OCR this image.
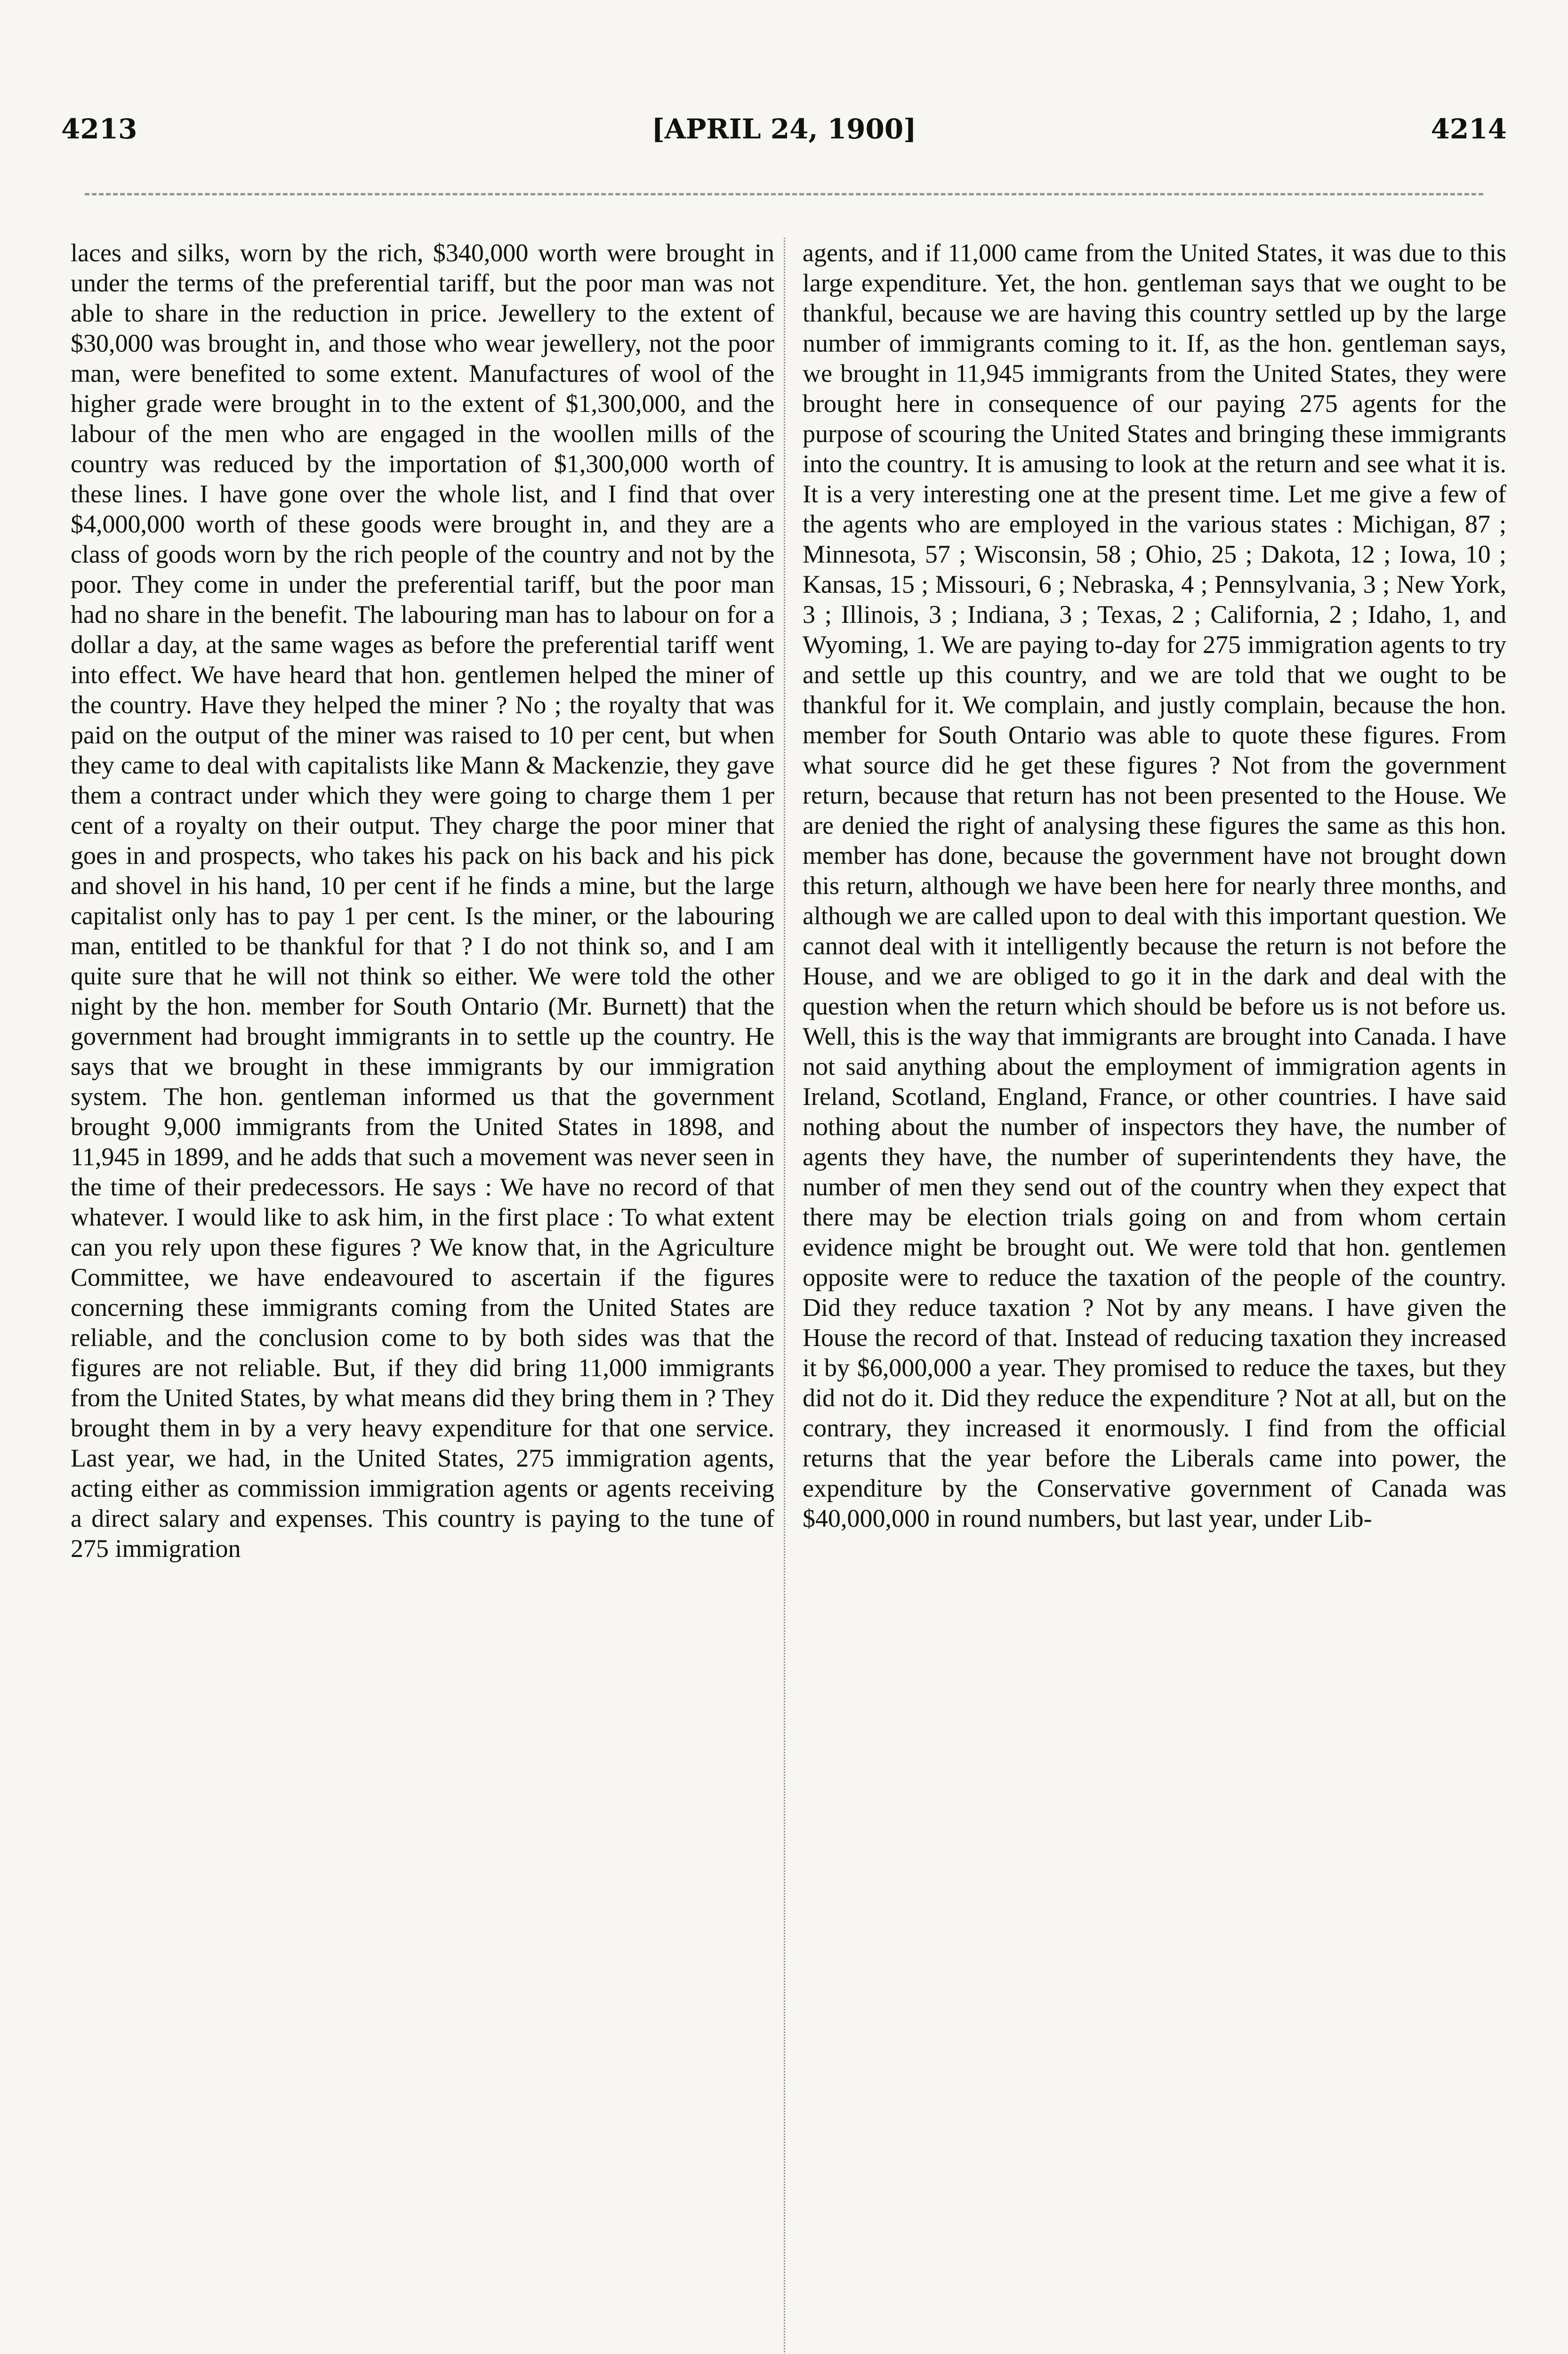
4213	[APRIL 24, 1900]	4214

laces and silks, worn by the rich, $340,000 worth were brought in under the terms of the preferential tariff, but the poor man was not able to share in the reduction in price. Jewellery to the extent of $30,000 was brought in, and those who wear jewellery, not the poor man, were benefited to some extent. Manufactures of wool of the higher grade were brought in to the extent of $1,300,000, and the labour of the men who are engaged in the woollen mills of the country was reduced by the importation of $1,300,000 worth of these lines. I have gone over the whole list, and I find that over $4,000,000 worth of these goods were brought in, and they are a class of goods worn by the rich people of the country and not by the poor. They come in under the preferential tariff, but the poor man had no share in the benefit. The labouring man has to labour on for a dollar a day, at the same wages as before the preferential tariff went into effect. We have heard that hon. gentlemen helped the miner of the country. Have they helped the miner ? No ; the royalty that was paid on the output of the miner was raised to 10 per cent, but when they came to deal with capitalists like Mann & Mackenzie, they gave them a contract under which they were going to charge them 1 per cent of a royalty on their output. They charge the poor miner that goes in and prospects, who takes his pack on his back and his pick and shovel in his hand, 10 per cent if he finds a mine, but the large capitalist only has to pay 1 per cent. Is the miner, or the labouring man, entitled to be thankful for that ? I do not think so, and I am quite sure that he will not think so either. We were told the other night by the hon. member for South Ontario (Mr. Burnett) that the government had brought immigrants in to settle up the country. He says that we brought in these immigrants by our immigration system. The hon. gentleman informed us that the government brought 9,000 immigrants from the United States in 1898, and 11,945 in 1899, and he adds that such a movement was never seen in the time of their predecessors. He says : We have no record of that whatever. I would like to ask him, in the first place : To what extent can you rely upon these figures ? We know that, in the Agriculture Committee, we have endeavoured to ascertain if the figures concerning these immigrants coming from the United States are reliable, and the conclusion come to by both sides was that the figures are not reliable. But, if they did bring 11,000 immigrants from the United States, by what means did they bring them in ? They brought them in by a very heavy expenditure for that one service. Last year, we had, in the United States, 275 immigration agents, acting either as commission immigration agents or agents receiving a direct salary and expenses. This country is paying to the tune of 275 immigration

agents, and if 11,000 came from the United States, it was due to this large expenditure. Yet, the hon. gentleman says that we ought to be thankful, because we are having this country settled up by the large number of immigrants coming to it. If, as the hon. gentleman says, we brought in 11,945 immigrants from the United States, they were brought here in consequence of our paying 275 agents for the purpose of scouring the United States and bringing these immigrants into the country. It is amusing to look at the return and see what it is. It is a very interesting one at the present time. Let me give a few of the agents who are employed in the various states : Michigan, 87 ; Minnesota, 57 ; Wisconsin, 58 ; Ohio, 25 ; Dakota, 12 ; Iowa, 10 ; Kansas, 15 ; Missouri, 6 ; Nebraska, 4 ; Pennsylvania, 3 ; New York, 3 ; Illinois, 3 ; Indiana, 3 ; Texas, 2 ; California, 2 ; Idaho, 1, and Wyoming, 1. We are paying to-day for 275 immigration agents to try and settle up this country, and we are told that we ought to be thankful for it. We complain, and justly complain, because the hon. member for South Ontario was able to quote these figures. From what source did he get these figures ? Not from the government return, because that return has not been presented to the House. We are denied the right of analysing these figures the same as this hon. member has done, because the government have not brought down this return, although we have been here for nearly three months, and although we are called upon to deal with this important question. We cannot deal with it intelligently because the return is not before the House, and we are obliged to go it in the dark and deal with the question when the return which should be before us is not before us. Well, this is the way that immigrants are brought into Canada. I have not said anything about the employment of immigration agents in Ireland, Scotland, England, France, or other countries. I have said nothing about the number of inspectors they have, the number of agents they have, the number of superintendents they have, the number of men they send out of the country when they expect that there may be election trials going on and from whom certain evidence might be brought out. We were told that hon. gentlemen opposite were to reduce the taxation of the people of the country. Did they reduce taxation ? Not by any means. I have given the House the record of that. Instead of reducing taxation they increased it by $6,000,000 a year. They promised to reduce the taxes, but they did not do it. Did they reduce the expenditure ? Not at all, but on the contrary, they increased it enormously. I find from the official returns that the year before the Liberals came into power, the expenditure by the Conservative government of Canada was $40,000,000 in round numbers, but last year, under Lib-
